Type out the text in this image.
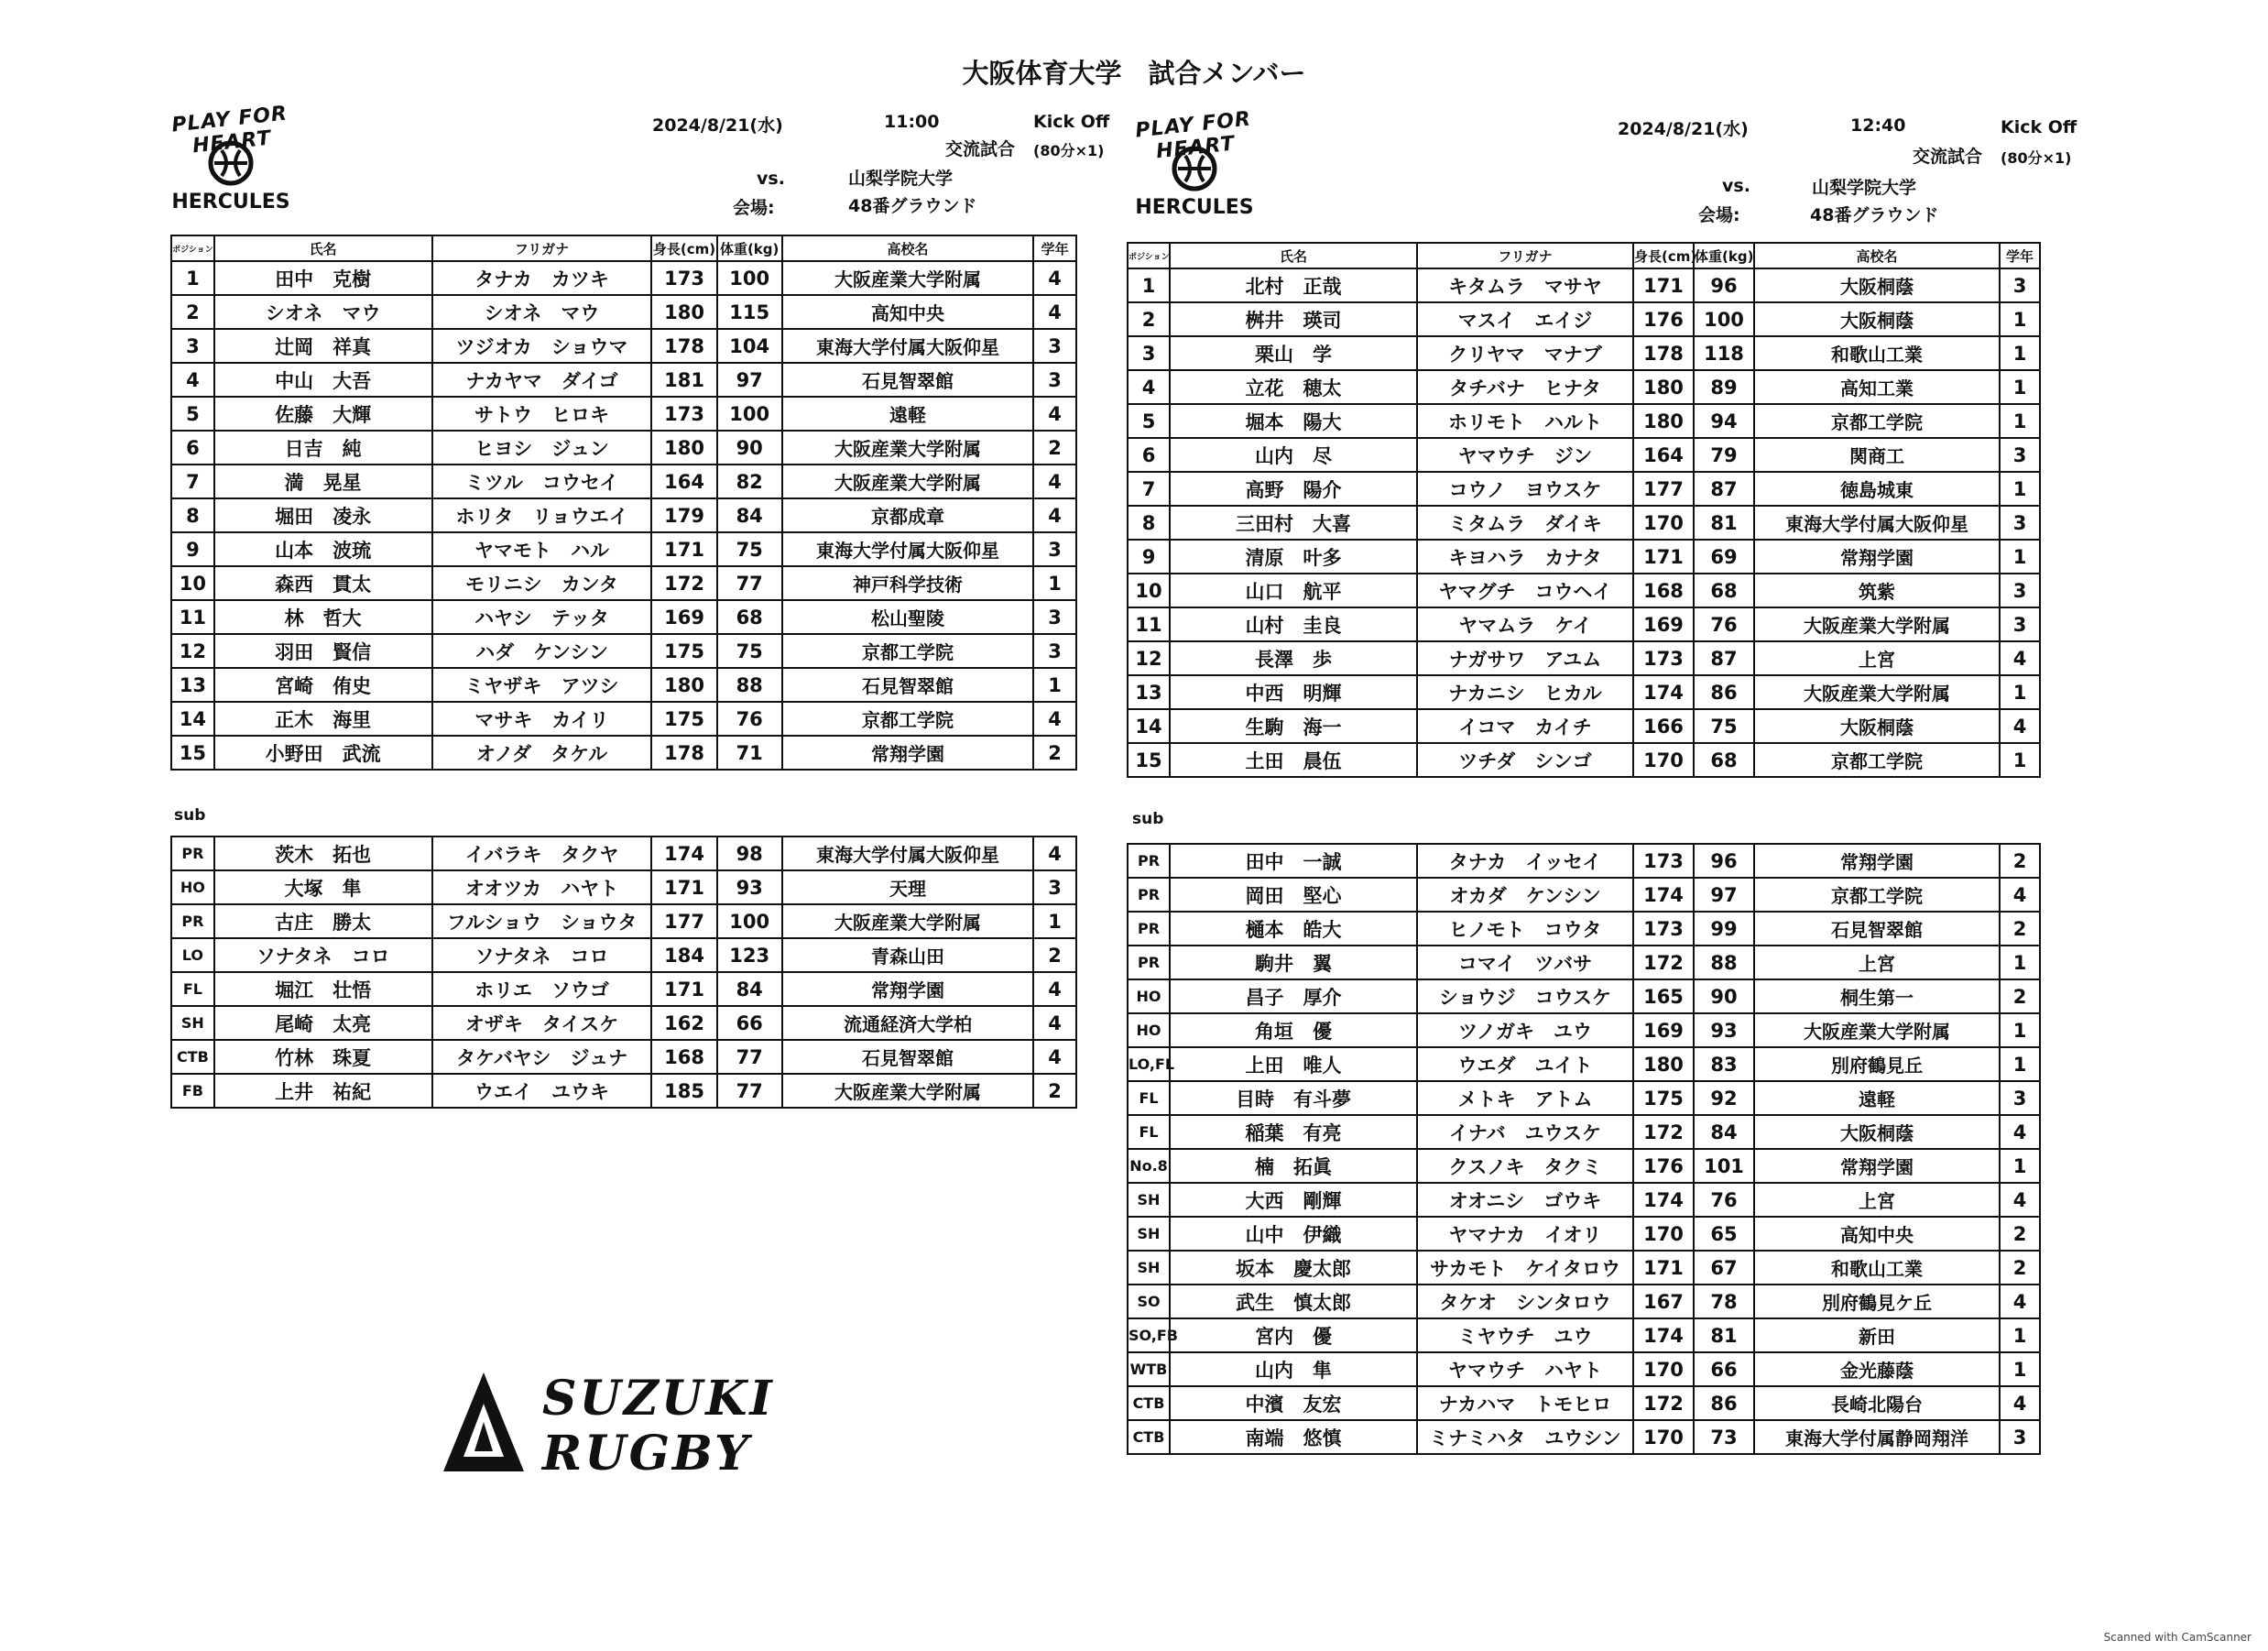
大阪体育大学　試合メンバー
PLAY FOR HEART
HERCULES
2024/8/21(水)	11:00	Kick Off
交流試合 (80分×1)
vs.	山梨学院大学
会場:	48番グラウンド
PLAY FOR HEART
HERCULES
2024/8/21(水)	12:40	Kick Off
交流試合 (80分×1)
vs.	山梨学院大学
会場:	48番グラウンド
ポジション	氏名	フリガナ	身長(cm)	体重(kg)	高校名	学年
1	田中　克樹	タナカ　カツキ	173	100	大阪産業大学附属	4
2	シオネ　マウ	シオネ　マウ	180	115	高知中央	4
3	辻岡　祥真	ツジオカ　ショウマ	178	104	東海大学付属大阪仰星	3
4	中山　大吾	ナカヤマ　ダイゴ	181	97	石見智翠館	3
5	佐藤　大輝	サトウ　ヒロキ	173	100	遠軽	4
6	日吉　純	ヒヨシ　ジュン	180	90	大阪産業大学附属	2
7	満　晃星	ミツル　コウセイ	164	82	大阪産業大学附属	4
8	堀田　凌永	ホリタ　リョウエイ	179	84	京都成章	4
9	山本　波琉	ヤマモト　ハル	171	75	東海大学付属大阪仰星	3
10	森西　貫太	モリニシ　カンタ	172	77	神戸科学技術	1
11	林　哲大	ハヤシ　テッタ	169	68	松山聖陵	3
12	羽田　賢信	ハダ　ケンシン	175	75	京都工学院	3
13	宮崎　侑史	ミヤザキ　アツシ	180	88	石見智翠館	1
14	正木　海里	マサキ　カイリ	175	76	京都工学院	4
15	小野田　武流	オノダ　タケル	178	71	常翔学園	2
sub
PR	茨木　拓也	イバラキ　タクヤ	174	98	東海大学付属大阪仰星	4
HO	大塚　隼	オオツカ　ハヤト	171	93	天理	3
PR	古庄　勝太	フルショウ　ショウタ	177	100	大阪産業大学附属	1
LO	ソナタネ　コロ	ソナタネ　コロ	184	123	青森山田	2
FL	堀江　壮悟	ホリエ　ソウゴ	171	84	常翔学園	4
SH	尾崎　太亮	オザキ　タイスケ	162	66	流通経済大学柏	4
CTB	竹林　珠夏	タケバヤシ　ジュナ	168	77	石見智翠館	4
FB	上井　祐紀	ウエイ　ユウキ	185	77	大阪産業大学附属	2
ポジション	氏名	フリガナ	身長(cm)	体重(kg)	高校名	学年
1	北村　正哉	キタムラ　マサヤ	171	96	大阪桐蔭	3
2	桝井　瑛司	マスイ　エイジ	176	100	大阪桐蔭	1
3	栗山　学	クリヤマ　マナブ	178	118	和歌山工業	1
4	立花　穂太	タチバナ　ヒナタ	180	89	高知工業	1
5	堀本　陽大	ホリモト　ハルト	180	94	京都工学院	1
6	山内　尽	ヤマウチ　ジン	164	79	関商工	3
7	高野　陽介	コウノ　ヨウスケ	177	87	徳島城東	1
8	三田村　大喜	ミタムラ　ダイキ	170	81	東海大学付属大阪仰星	3
9	清原　叶多	キヨハラ　カナタ	171	69	常翔学園	1
10	山口　航平	ヤマグチ　コウヘイ	168	68	筑紫	3
11	山村　圭良	ヤマムラ　ケイ	169	76	大阪産業大学附属	3
12	長澤　歩	ナガサワ　アユム	173	87	上宮	4
13	中西　明輝	ナカニシ　ヒカル	174	86	大阪産業大学附属	1
14	生駒　海一	イコマ　カイチ	166	75	大阪桐蔭	4
15	土田　晨伍	ツチダ　シンゴ	170	68	京都工学院	1
sub
PR	田中　一誠	タナカ　イッセイ	173	96	常翔学園	2
PR	岡田　堅心	オカダ　ケンシン	174	97	京都工学院	4
PR	樋本　皓大	ヒノモト　コウタ	173	99	石見智翠館	2
PR	駒井　翼	コマイ　ツバサ	172	88	上宮	1
HO	昌子　厚介	ショウジ　コウスケ	165	90	桐生第一	2
HO	角垣　優	ツノガキ　ユウ	169	93	大阪産業大学附属	1
LO,FL	上田　唯人	ウエダ　ユイト	180	83	別府鶴見丘	1
FL	目時　有斗夢	メトキ　アトム	175	92	遠軽	3
FL	稲葉　有亮	イナバ　ユウスケ	172	84	大阪桐蔭	4
No.8	楠　拓眞	クスノキ　タクミ	176	101	常翔学園	1
SH	大西　剛輝	オオニシ　ゴウキ	174	76	上宮	4
SH	山中　伊織	ヤマナカ　イオリ	170	65	高知中央	2
SH	坂本　慶太郎	サカモト　ケイタロウ	171	67	和歌山工業	2
SO	武生　慎太郎	タケオ　シンタロウ	167	78	別府鶴見ケ丘	4
SO,FB	宮内　優	ミヤウチ　ユウ	174	81	新田	1
WTB	山内　隼	ヤマウチ　ハヤト	170	66	金光藤蔭	1
CTB	中濱　友宏	ナカハマ　トモヒロ	172	86	長崎北陽台	4
CTB	南端　悠慎	ミナミハタ　ユウシン	170	73	東海大学付属静岡翔洋	3
SUZUKI
RUGBY
Scanned with CamScanner
